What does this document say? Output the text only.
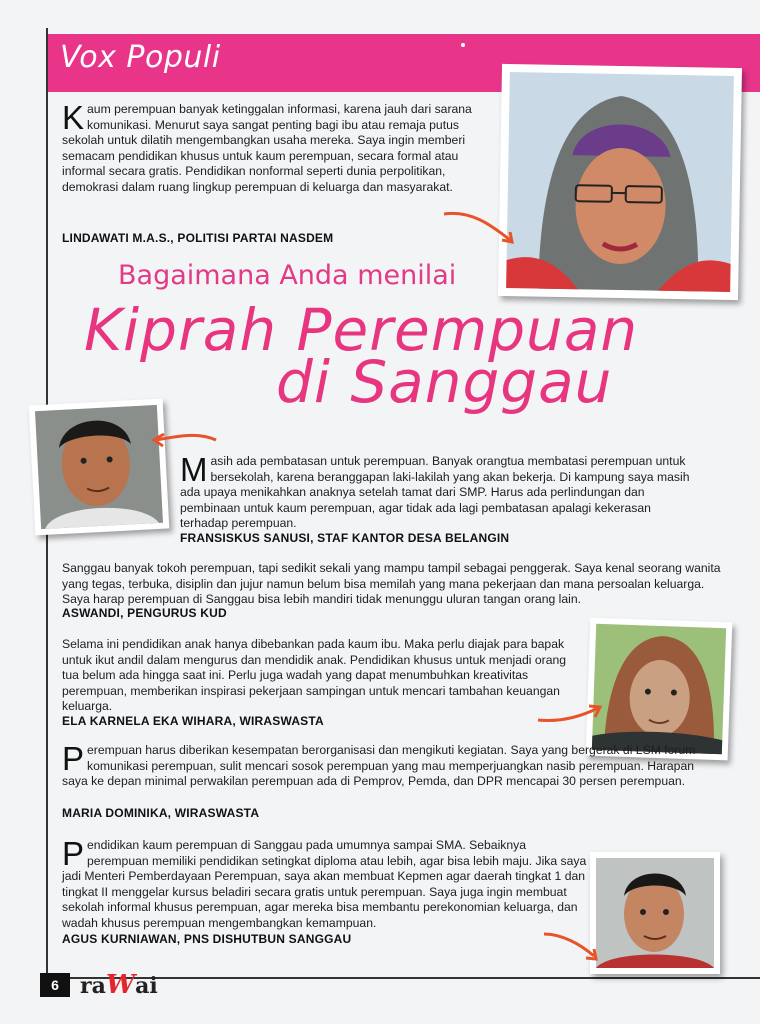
Vox Populi
Kaum perempuan banyak ketinggalan informasi, karena jauh dari sarana komunikasi. Menurut saya sangat penting bagi ibu atau remaja putus sekolah untuk dilatih mengembangkan usaha mereka. Saya ingin memberi semacam pendidikan khusus untuk kaum perempuan, secara formal atau informal secara gratis. Pendidikan nonformal seperti dunia perpolitikan, demokrasi dalam ruang lingkup perempuan di keluarga dan masyarakat.
LINDAWATI M.A.S., POLITISI PARTAI NASDEM
Bagaimana Anda menilai
Kiprah Perempuan
di Sanggau
Masih ada pembatasan untuk perempuan. Banyak orangtua membatasi perempuan untuk bersekolah, karena beranggapan laki-lakilah yang akan bekerja. Di kampung saya masih ada upaya menikahkan anaknya setelah tamat dari SMP. Harus ada perlindungan dan pembinaan untuk kaum perempuan, agar tidak ada lagi pembatasan apalagi kekerasan terhadap perempuan.
FRANSISKUS SANUSI, STAF KANTOR DESA BELANGIN
Sanggau banyak tokoh perempuan, tapi sedikit sekali yang mampu tampil sebagai penggerak. Saya kenal seorang wanita yang tegas, terbuka, disiplin dan jujur namun belum bisa memilah yang mana pekerjaan dan mana persoalan keluarga. Saya harap perempuan di Sanggau bisa lebih mandiri tidak menunggu uluran tangan orang lain.
ASWANDI, PENGURUS KUD
Selama ini pendidikan anak hanya dibebankan pada kaum ibu. Maka perlu diajak para bapak untuk ikut andil dalam mengurus dan mendidik anak. Pendidikan khusus untuk menjadi orang tua belum ada hingga saat ini. Perlu juga wadah yang dapat menumbuhkan kreativitas perempuan, memberikan inspirasi pekerjaan sampingan untuk mencari tambahan keuangan keluarga.
ELA KARNELA EKA WIHARA, WIRASWASTA
Perempuan harus diberikan kesempatan berorganisasi dan mengikuti kegiatan. Saya yang bergerak di LSM forum komunikasi perempuan, sulit mencari sosok perempuan yang mau memperjuangkan nasib perempuan. Harapan saya ke depan minimal perwakilan perempuan ada di Pemprov, Pemda, dan DPR mencapai 30 persen perempuan.
MARIA DOMINIKA, WIRASWASTA
Pendidikan kaum perempuan di Sanggau pada umumnya sampai SMA. Sebaiknya perempuan memiliki pendidikan setingkat diploma atau lebih, agar bisa lebih maju. Jika saya jadi Menteri Pemberdayaan Perempuan, saya akan membuat Kepmen agar daerah tingkat 1 dan tingkat II menggelar kursus beladiri secara gratis untuk perempuan. Saya juga ingin membuat sekolah informal khusus perempuan, agar mereka bisa membantu perekonomian keluarga, dan wadah khusus perempuan mengembangkan kemampuan.
AGUS KURNIAWAN, PNS DISHUTBUN SANGGAU
6 raWai
